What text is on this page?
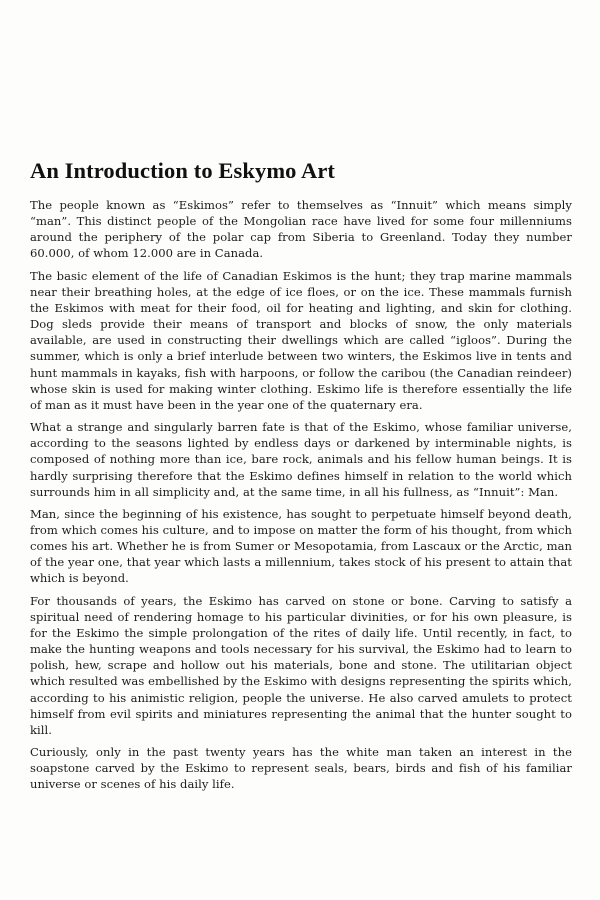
An Introduction to Eskymo Art

The people known as “Eskimos” refer to themselves as “Innuit” which means simply “man”. This distinct people of the Mongolian race have lived for some four millenniums around the periphery of the polar cap from Siberia to Greenland. Today they number 60.000, of whom 12.000 are in Canada.

The basic element of the life of Canadian Eskimos is the hunt; they trap marine mammals near their breathing holes, at the edge of ice floes, or on the ice. These mammals furnish the Eskimos with meat for their food, oil for heating and lighting, and skin for clothing. Dog sleds provide their means of transport and blocks of snow, the only materials available, are used in constructing their dwellings which are called “igloos”. During the summer, which is only a brief interlude between two winters, the Eskimos live in tents and hunt mammals in kayaks, fish with harpoons, or follow the caribou (the Canadian reindeer) whose skin is used for making winter clothing. Eskimo life is therefore essentially the life of man as it must have been in the year one of the quaternary era.

What a strange and singularly barren fate is that of the Eskimo, whose familiar universe, according to the seasons lighted by endless days or darkened by interminable nights, is composed of nothing more than ice, bare rock, animals and his fellow human beings. It is hardly surprising therefore that the Eskimo defines himself in relation to the world which surrounds him in all simplicity and, at the same time, in all his fullness, as “Innuit”: Man.

Man, since the beginning of his existence, has sought to perpetuate himself beyond death, from which comes his culture, and to impose on matter the form of his thought, from which comes his art. Whether he is from Sumer or Mesopotamia, from Lascaux or the Arctic, man of the year one, that year which lasts a millennium, takes stock of his present to attain that which is beyond.

For thousands of years, the Eskimo has carved on stone or bone. Carving to satisfy a spiritual need of rendering homage to his particular divinities, or for his own pleasure, is for the Eskimo the simple prolongation of the rites of daily life. Until recently, in fact, to make the hunting weapons and tools necessary for his survival, the Eskimo had to learn to polish, hew, scrape and hollow out his materials, bone and stone. The utilitarian object which resulted was embellished by the Eskimo with designs representing the spirits which, according to his animistic religion, people the universe. He also carved amulets to protect himself from evil spirits and miniatures representing the animal that the hunter sought to kill.

Curiously, only in the past twenty years has the white man taken an interest in the soapstone carved by the Eskimo to represent seals, bears, birds and fish of his familiar universe or scenes of his daily life.
